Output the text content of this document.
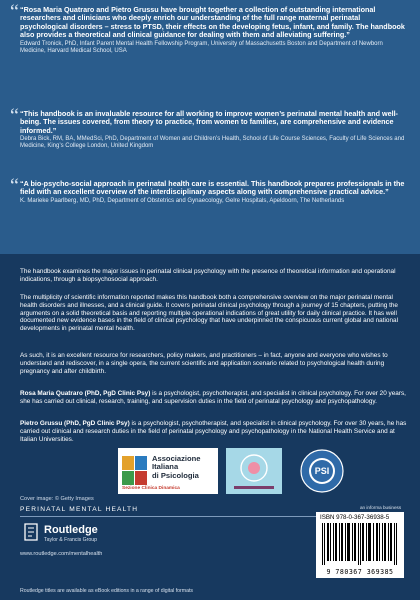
“ “Rosa Maria Quatraro and Pietro Grussu have brought together a collection of outstanding international researchers and clinicians who deeply enrich our understanding of the full range maternal perinatal psychological disorders – stress to PTSD, their effects on the developing fetus, infant, and family. The handbook also provides a theoretical and clinical guidance for dealing with them and alleviating suffering.”

Edward Tronick, PhD, Infant Parent Mental Health Fellowship Program, University of Massachusetts Boston and Department of Newborn Medicine, Harvard Medical School, USA

“ “This handbook is an invaluable resource for all working to improve women’s perinatal mental health and well-being. The issues covered, from theory to practice, from women to families, are comprehensive and evidence informed.”

Debra Bick, RM, BA, MMedSci, PhD, Department of Women and Children’s Health, School of Life Course Sciences, Faculty of Life Sciences and Medicine, King’s College London, United Kingdom

“ “A bio-psycho-social approach in perinatal health care is essential. This handbook prepares professionals in the field with an excellent overview of the interdisciplinary aspects along with comprehensive practical advice.”

K. Marieke Paarlberg, MD, PhD, Department of Obstetrics and Gynaecology, Gelre Hospitals, Apeldoorn, The Netherlands

The handbook examines the major issues in perinatal clinical psychology with the presence of theoretical information and operational indications, through a biopsychosocial approach.

The multiplicity of scientific information reported makes this handbook both a comprehensive overview on the major perinatal mental health disorders and illnesses, and a clinical guide. It covers perinatal clinical psychology through a journey of 15 chapters, putting the arguments on a solid theoretical basis and reporting multiple operational indications of great utility for daily clinical practice. It has well documented new evidence bases in the field of clinical psychology that have underpinned the conspicuous current global and national developments in perinatal mental health.

As such, it is an excellent resource for researchers, policy makers, and practitioners – in fact, anyone and everyone who wishes to understand and rediscover, in a single opera, the current scientific and application scenario related to psychological health during pregnancy and after childbirth.

Rosa Maria Quatraro (PhD, PgD Clinic Psy) is a psychologist, psychotherapist, and specialist in clinical psychology. For over 20 years, she has carried out clinical, research, training, and supervision duties in the field of perinatal psychology and psychopathology.

Pietro Grussu (PhD, PgD Clinic Psy) is a psychologist, psychotherapist, and specialist in clinical psychology. For over 30 years, he has carried out clinical and research duties in the field of perinatal psychology and psychopathology in the National Health Service and at Italian Universities.

Associazione
Italiana
di Psicologia
Sezione Clinica Dinamica
PSI
Cover image: © Getty Images
PERINATAL MENTAL HEALTH
Routledge
Taylor & Francis Group
www.routledge.com/mentalhealth
an informa business
ISBN 978-0-367-36938-5
9 780367 369385
Routledge titles are available as eBook editions in a range of digital formats
